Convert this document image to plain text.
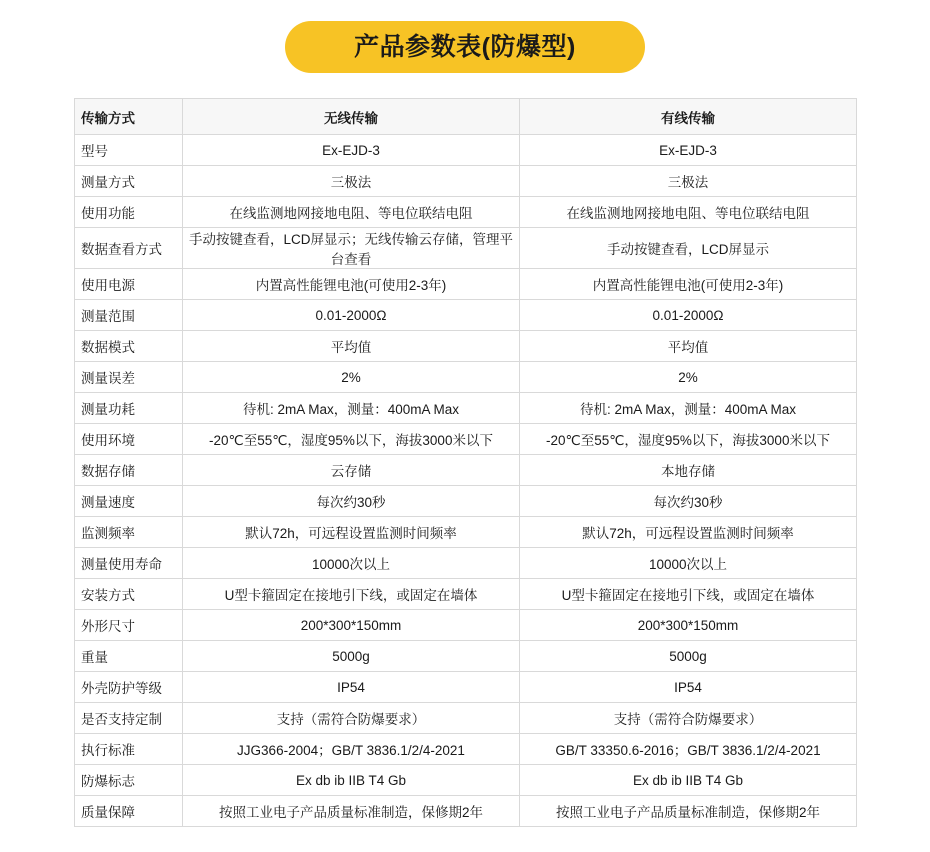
产品参数表(防爆型)
传输方式	无线传输	有线传输
型号	Ex-EJD-3	Ex-EJD-3
测量方式	三极法	三极法
使用功能	在线监测地网接地电阻、等电位联结电阻	在线监测地网接地电阻、等电位联结电阻
数据查看方式	手动按键查看，LCD屏显示；无线传输云存储，管理平台查看	手动按键查看，LCD屏显示
使用电源	内置高性能锂电池(可使用2-3年)	内置高性能锂电池(可使用2-3年)
测量范围	0.01-2000Ω	0.01-2000Ω
数据模式	平均值	平均值
测量误差	2%	2%
测量功耗	待机: 2mA Max，测量：400mA Max	待机: 2mA Max，测量：400mA Max
使用环境	-20℃至55℃，湿度95%以下，海拔3000米以下	-20℃至55℃，湿度95%以下，海拔3000米以下
数据存储	云存储	本地存储
测量速度	每次约30秒	每次约30秒
监测频率	默认72h，可远程设置监测时间频率	默认72h，可远程设置监测时间频率
测量使用寿命	10000次以上	10000次以上
安装方式	U型卡箍固定在接地引下线，或固定在墙体	U型卡箍固定在接地引下线，或固定在墙体
外形尺寸	200*300*150mm	200*300*150mm
重量	5000g	5000g
外壳防护等级	IP54	IP54
是否支持定制	支持（需符合防爆要求）	支持（需符合防爆要求）
执行标准	JJG366-2004；GB/T 3836.1/2/4-2021	GB/T 33350.6-2016；GB/T 3836.1/2/4-2021
防爆标志	Ex db ib IIB T4 Gb	Ex db ib IIB T4 Gb
质量保障	按照工业电子产品质量标准制造，保修期2年	按照工业电子产品质量标准制造，保修期2年
